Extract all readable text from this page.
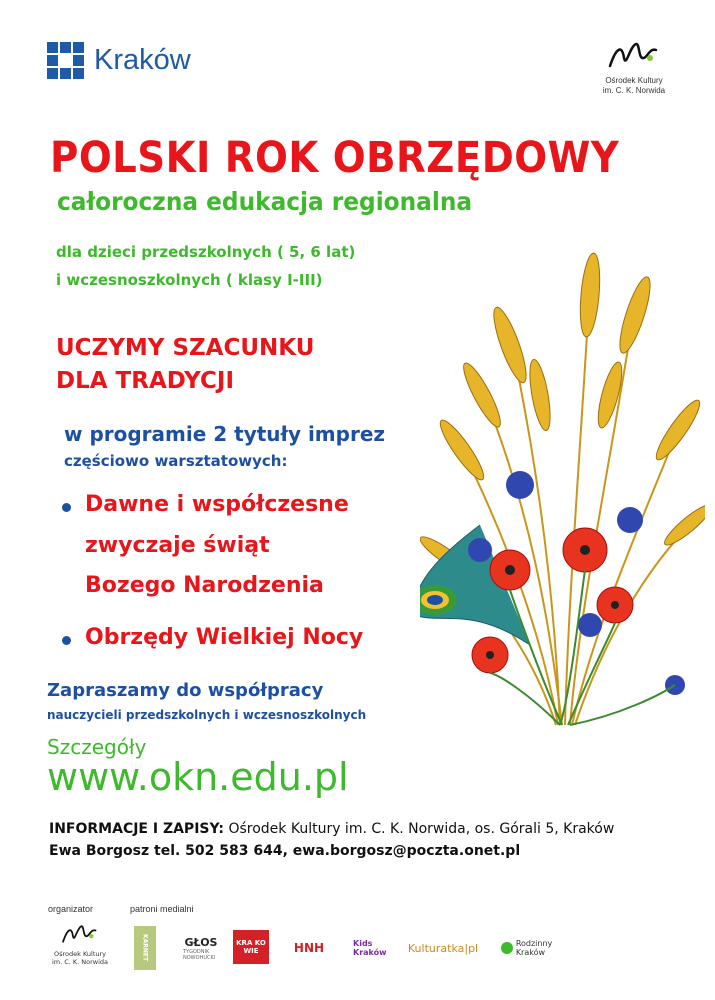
Kraków
Ośrodek Kultury
im. C. K. Norwida
POLSKI ROK OBRZĘDOWY
całoroczna edukacja regionalna
dla dzieci przedszkolnych ( 5, 6 lat)
i wczesnoszkolnych ( klasy I-III)
UCZYMY SZACUNKU
DLA TRADYCJI
w programie 2 tytuły imprez
częściowo warsztatowych:
Dawne i współczesne
zwyczaje świąt
Bozego Narodzenia
Obrzędy Wielkiej Nocy
Zapraszamy do współpracy
nauczycieli przedszkolnych i wczesnoszkolnych
Szczegóły
www.okn.edu.pl
INFORMACJE I ZAPISY: Ośrodek Kultury im. C. K. Norwida, os. Górali 5, Kraków
Ewa Borgosz tel. 502 583 644, ewa.borgosz@poczta.onet.pl
organizator	patroni medialni
Ośrodek Kultury
im. C. K. Norwida
KARNET	GŁOS
TYGODNIK NOWOHUCKI
KRA KO WIE	HNH	Kids Kraków	Kulturatka|pl	Rodzinny Kraków
